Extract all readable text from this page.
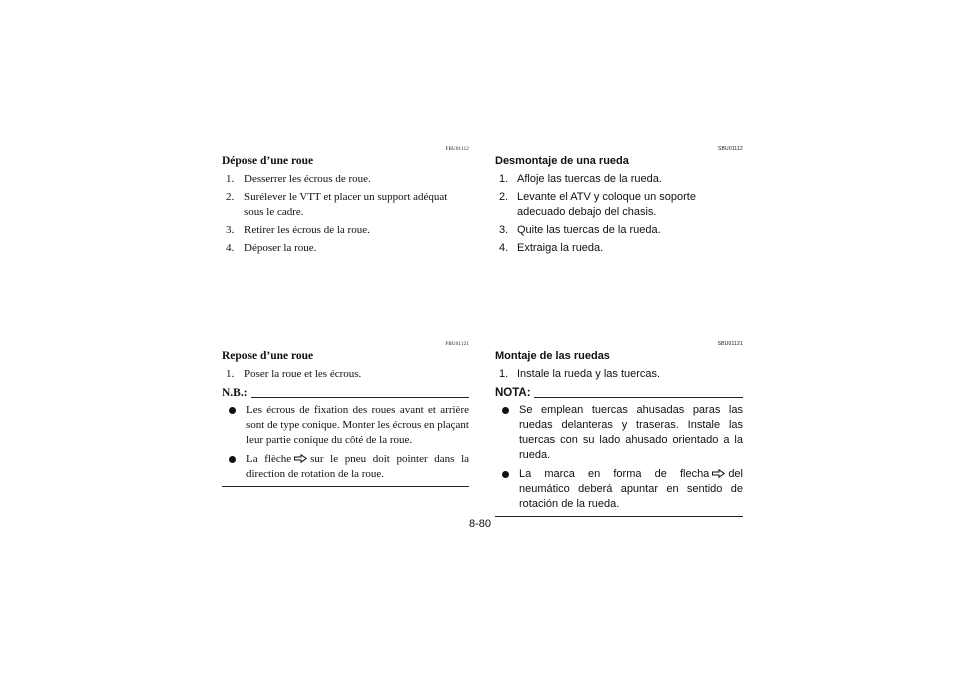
FBU01112
Dépose d’une roue
1. Desserrer les écrous de roue.
2. Surélever le VTT et placer un support adéquat sous le cadre.
3. Retirer les écrous de la roue.
4. Déposer la roue.
FBU01121
Repose d’une roue
1. Poser la roue et les écrous.
N.B.:
Les écrous de fixation des roues avant et arrière sont de type conique. Monter les écrous en plaçant leur partie conique du côté de la roue.
La flèche sur le pneu doit pointer dans la direction de rotation de la roue.
SBU01112
Desmontaje de una rueda
1. Afloje las tuercas de la rueda.
2. Levante el ATV y coloque un soporte adecuado debajo del chasis.
3. Quite las tuercas de la rueda.
4. Extraiga la rueda.
SBU01121
Montaje de las ruedas
1. Instale la rueda y las tuercas.
NOTA:
Se emplean tuercas ahusadas paras las ruedas delanteras y traseras. Instale las tuercas con su lado ahusado orientado a la rueda.
La marca en forma de flecha del neumático deberá apuntar en sentido de rotación de la rueda.
8-80
